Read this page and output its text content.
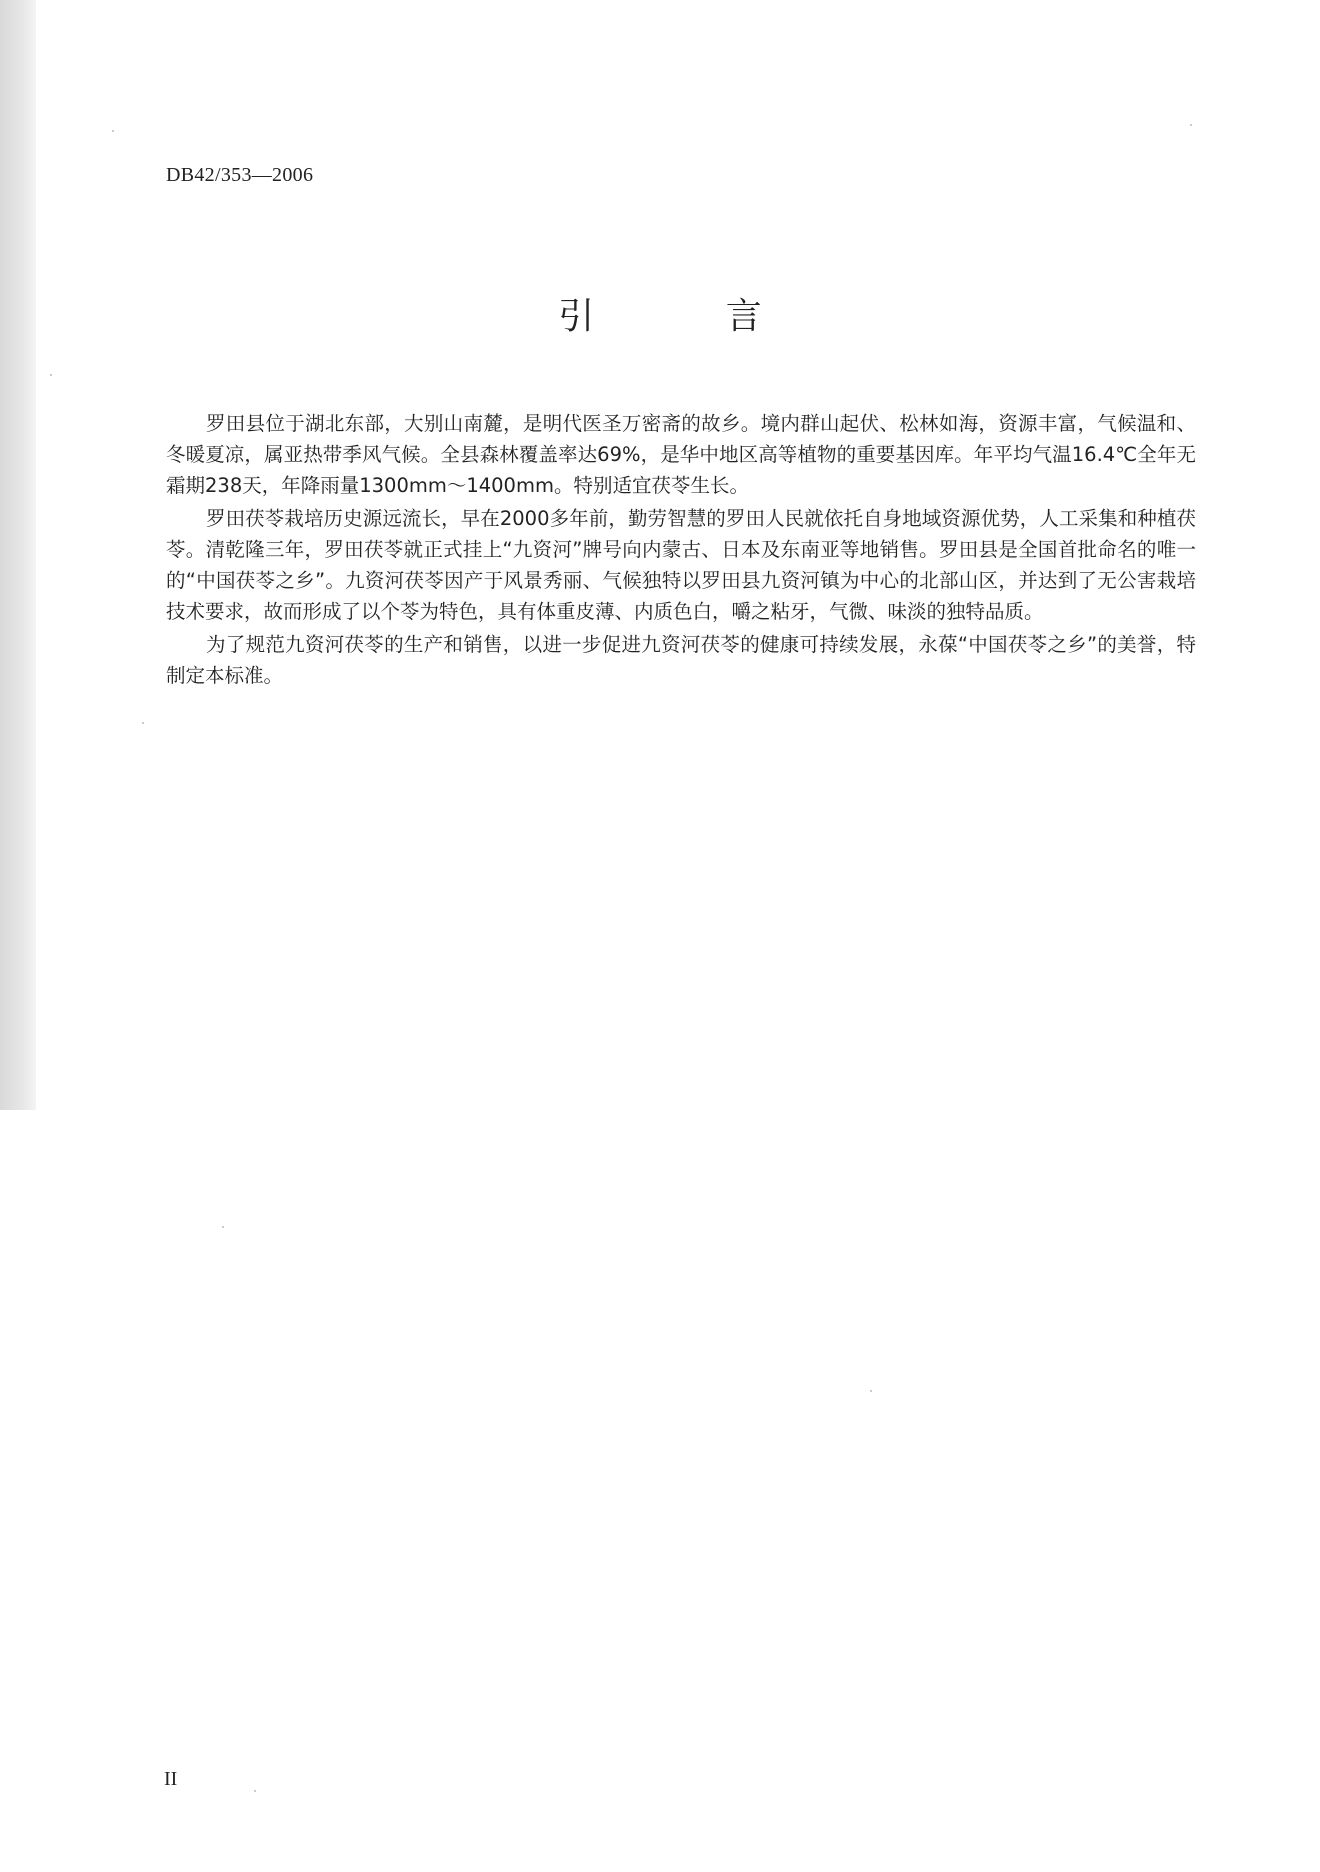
DB42/353—2006
引 言

罗田县位于湖北东部，大别山南麓，是明代医圣万密斋的故乡。境内群山起伏、松林如海，资源丰富，气候温和、冬暖夏凉，属亚热带季风气候。全县森林覆盖率达69%，是华中地区高等植物的重要基因库。年平均气温16.4℃全年无霜期238天，年降雨量1300mm～1400mm。特别适宜茯苓生长。

罗田茯苓栽培历史源远流长，早在2000多年前，勤劳智慧的罗田人民就依托自身地域资源优势，人工采集和种植茯苓。清乾隆三年，罗田茯苓就正式挂上“九资河”牌号向内蒙古、日本及东南亚等地销售。罗田县是全国首批命名的唯一的“中国茯苓之乡”。九资河茯苓因产于风景秀丽、气候独特以罗田县九资河镇为中心的北部山区，并达到了无公害栽培技术要求，故而形成了以个苓为特色，具有体重皮薄、内质色白，嚼之粘牙，气微、味淡的独特品质。

为了规范九资河茯苓的生产和销售，以进一步促进九资河茯苓的健康可持续发展，永葆“中国茯苓之乡”的美誉，特制定本标准。

II
